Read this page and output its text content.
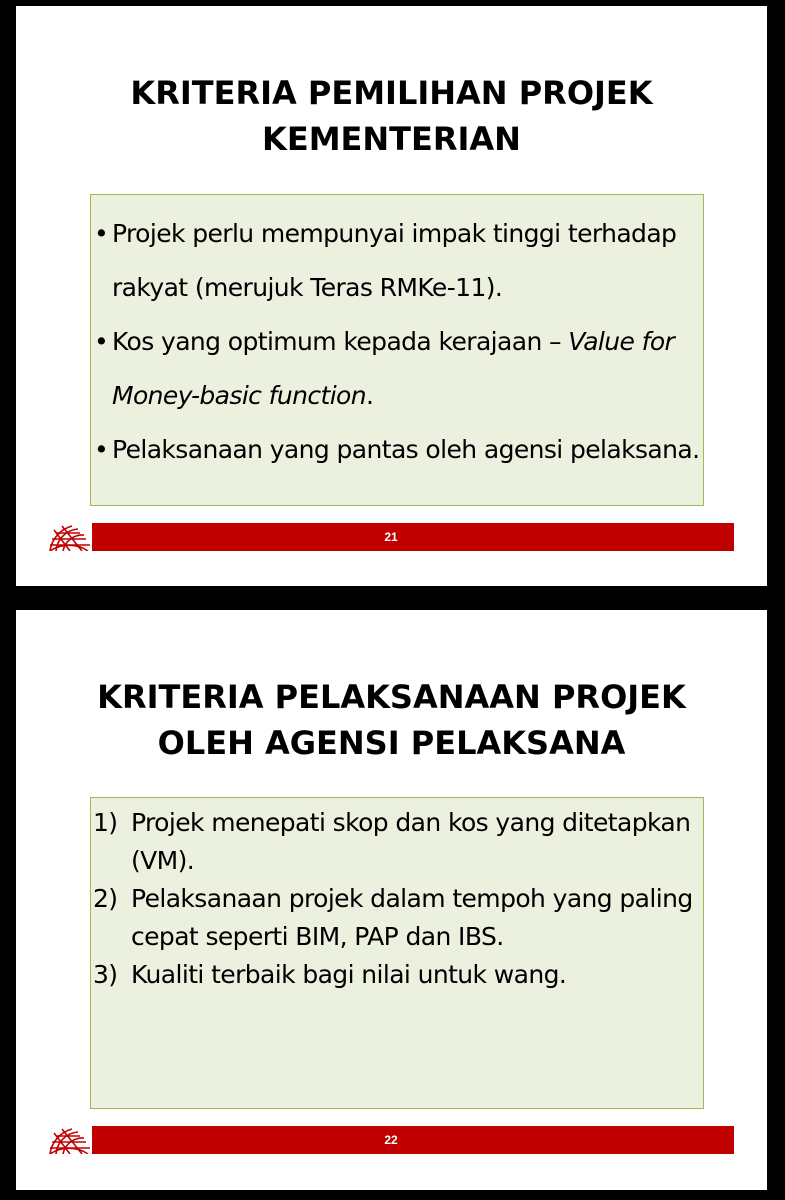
KRITERIA PEMILIHAN PROJEK
KEMENTERIAN
• Projek perlu mempunyai impak tinggi terhadap rakyat (merujuk Teras RMKe-11).
• Kos yang optimum kepada kerajaan – Value for Money-basic function.
• Pelaksanaan yang pantas oleh agensi pelaksana.
21
KRITERIA PELAKSANAAN PROJEK
OLEH AGENSI PELAKSANA
1) Projek menepati skop dan kos yang ditetapkan (VM).
2) Pelaksanaan projek dalam tempoh yang paling cepat seperti BIM, PAP dan IBS.
3) Kualiti terbaik bagi nilai untuk wang.
22
